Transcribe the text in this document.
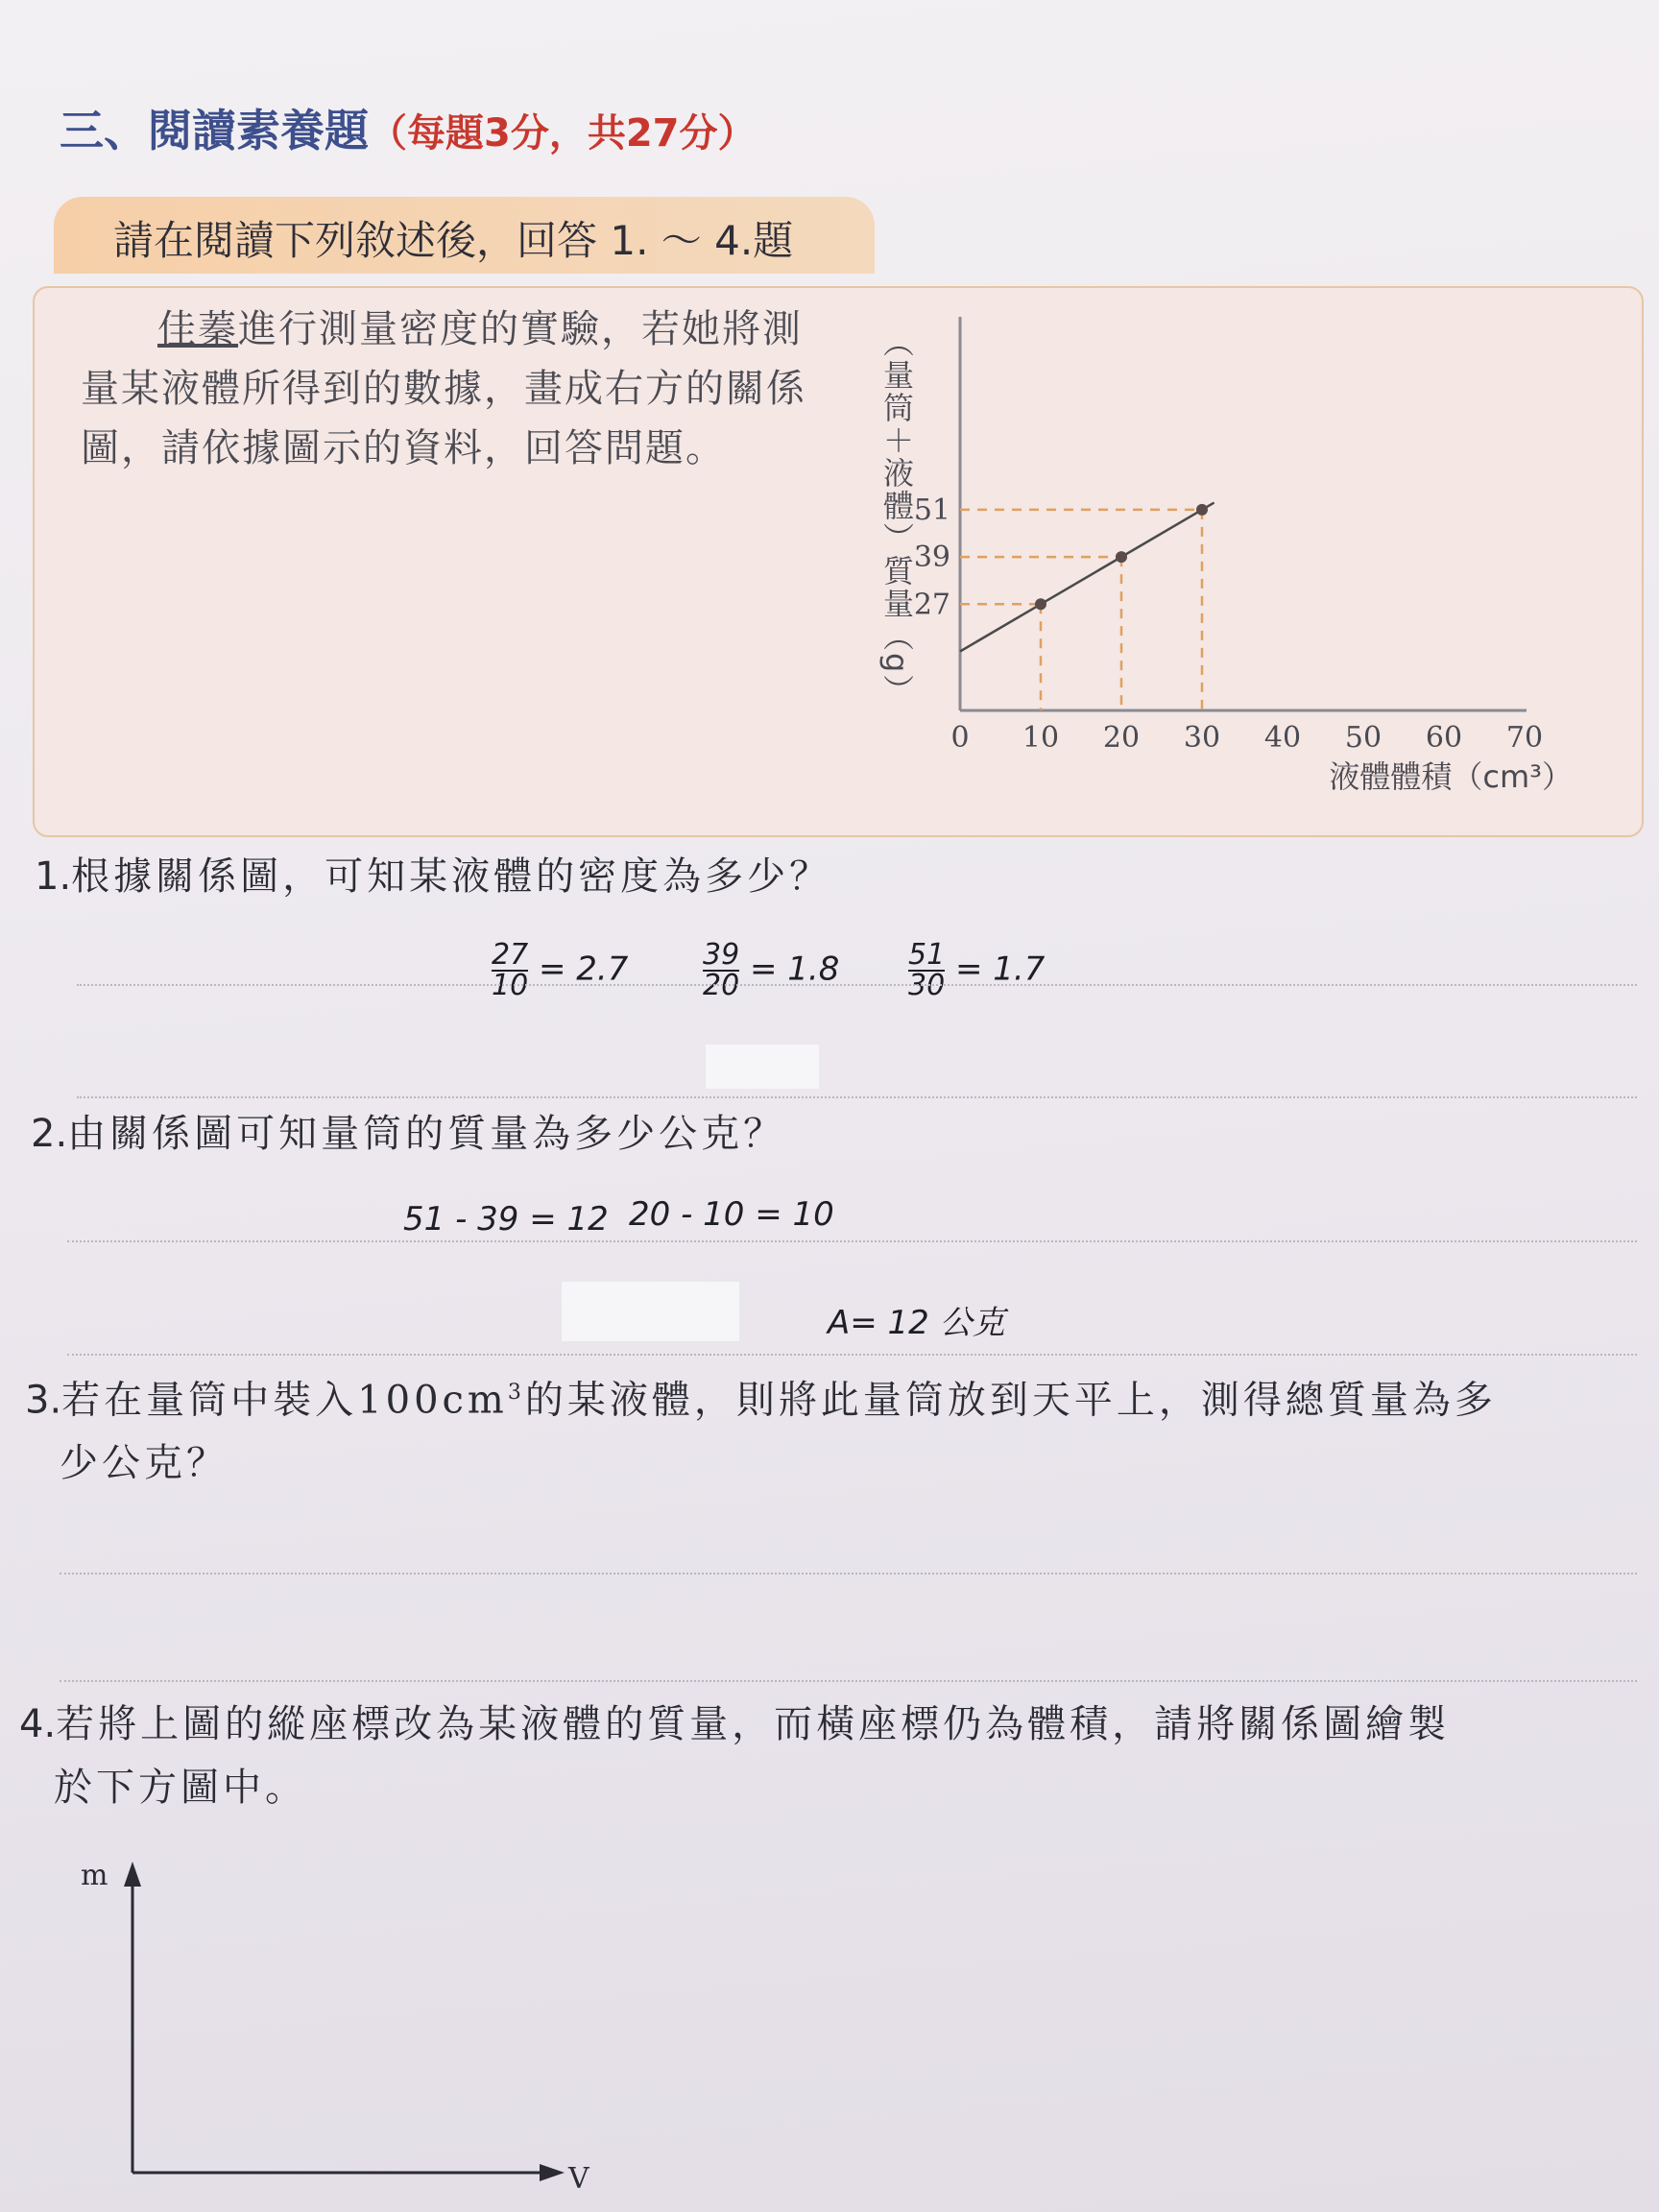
三、閱讀素養題（每題3分，共27分）
請在閱讀下列敘述後，回答 1. ～ 4.題
佳蓁進行測量密度的實驗，若她將測量某液體所得到的數據，畫成右方的關係圖，請依據圖示的資料，回答問題。	（量筒＋液體）質量（g）
0 10 20 30 40 50 60 70
27
39
51
液體體積（cm³）
1.根據關係圖，可知某液體的密度為多少？
$\frac{27}{10} = 2.7$	$\frac{39}{20} = 1.8 \frac{51}{30} = 1.7$
2.由關係圖可知量筒的質量為多少公克？
51 - 39 = 12 20 - 10 = 10
A= 12 公克
3.若在量筒中裝入$100cm^3$的某液體，則將此量筒放到天平上，測得總質量為多
少公克？
4.若將上圖的縱座標改為某液體的質量，而橫座標仍為體積，請將關係圖繪製
於下方圖中。
m
V
